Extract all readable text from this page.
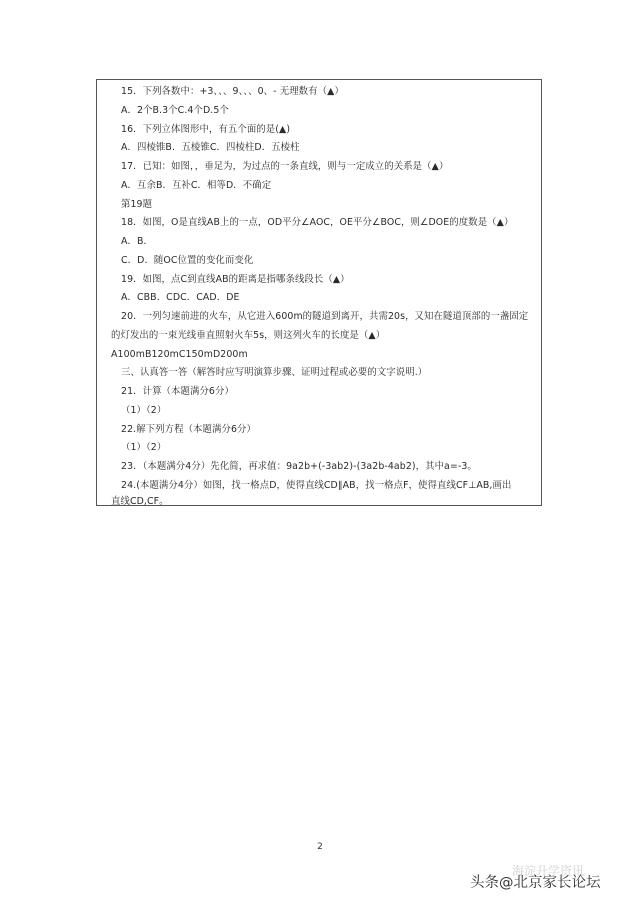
15．下列各数中：+3、、、9、、、0、- 无理数有（▲）
A．2个B.3个C.4个D.5个
16．下列立体图形中，有五个面的是(▲)
A．四棱锥B．五棱锥C．四棱柱D．五棱柱
17．已知：如图，，垂足为，为过点的一条直线，则与一定成立的关系是（▲）
A．互余B．互补C．相等D．不确定
第19题
18．如图，O是直线AB上的一点，OD平分∠AOC，OE平分∠BOC，则∠DOE的度数是（▲）
A．B．
C．D．随OC位置的变化而变化
19．如图，点C到直线AB的距离是指哪条线段长（▲）
A．CBB．CDC．CAD．DE
20．一列匀速前进的火车，从它进入600m的隧道到离开，共需20s，又知在隧道顶部的一盏固定
的灯发出的一束光线垂直照射火车5s，则这列火车的长度是（▲）
A100mB120mC150mD200m
三、认真答一答（解答时应写明演算步骤、证明过程或必要的文字说明.）
21．计算（本题满分6分）
（1）（2）
22.解下列方程（本题满分6分）
（1）（2）
23．（本题满分4分）先化简，再求值：9a2b+(-3ab2)-(3a2b-4ab2)，其中a=-3。
24.(本题满分4分）如图，找一格点D，使得直线CD∥AB，找一格点F，使得直线CF⊥AB,画出
直线CD,CF。
2
海淀升学资讯
头条@北京家长论坛
